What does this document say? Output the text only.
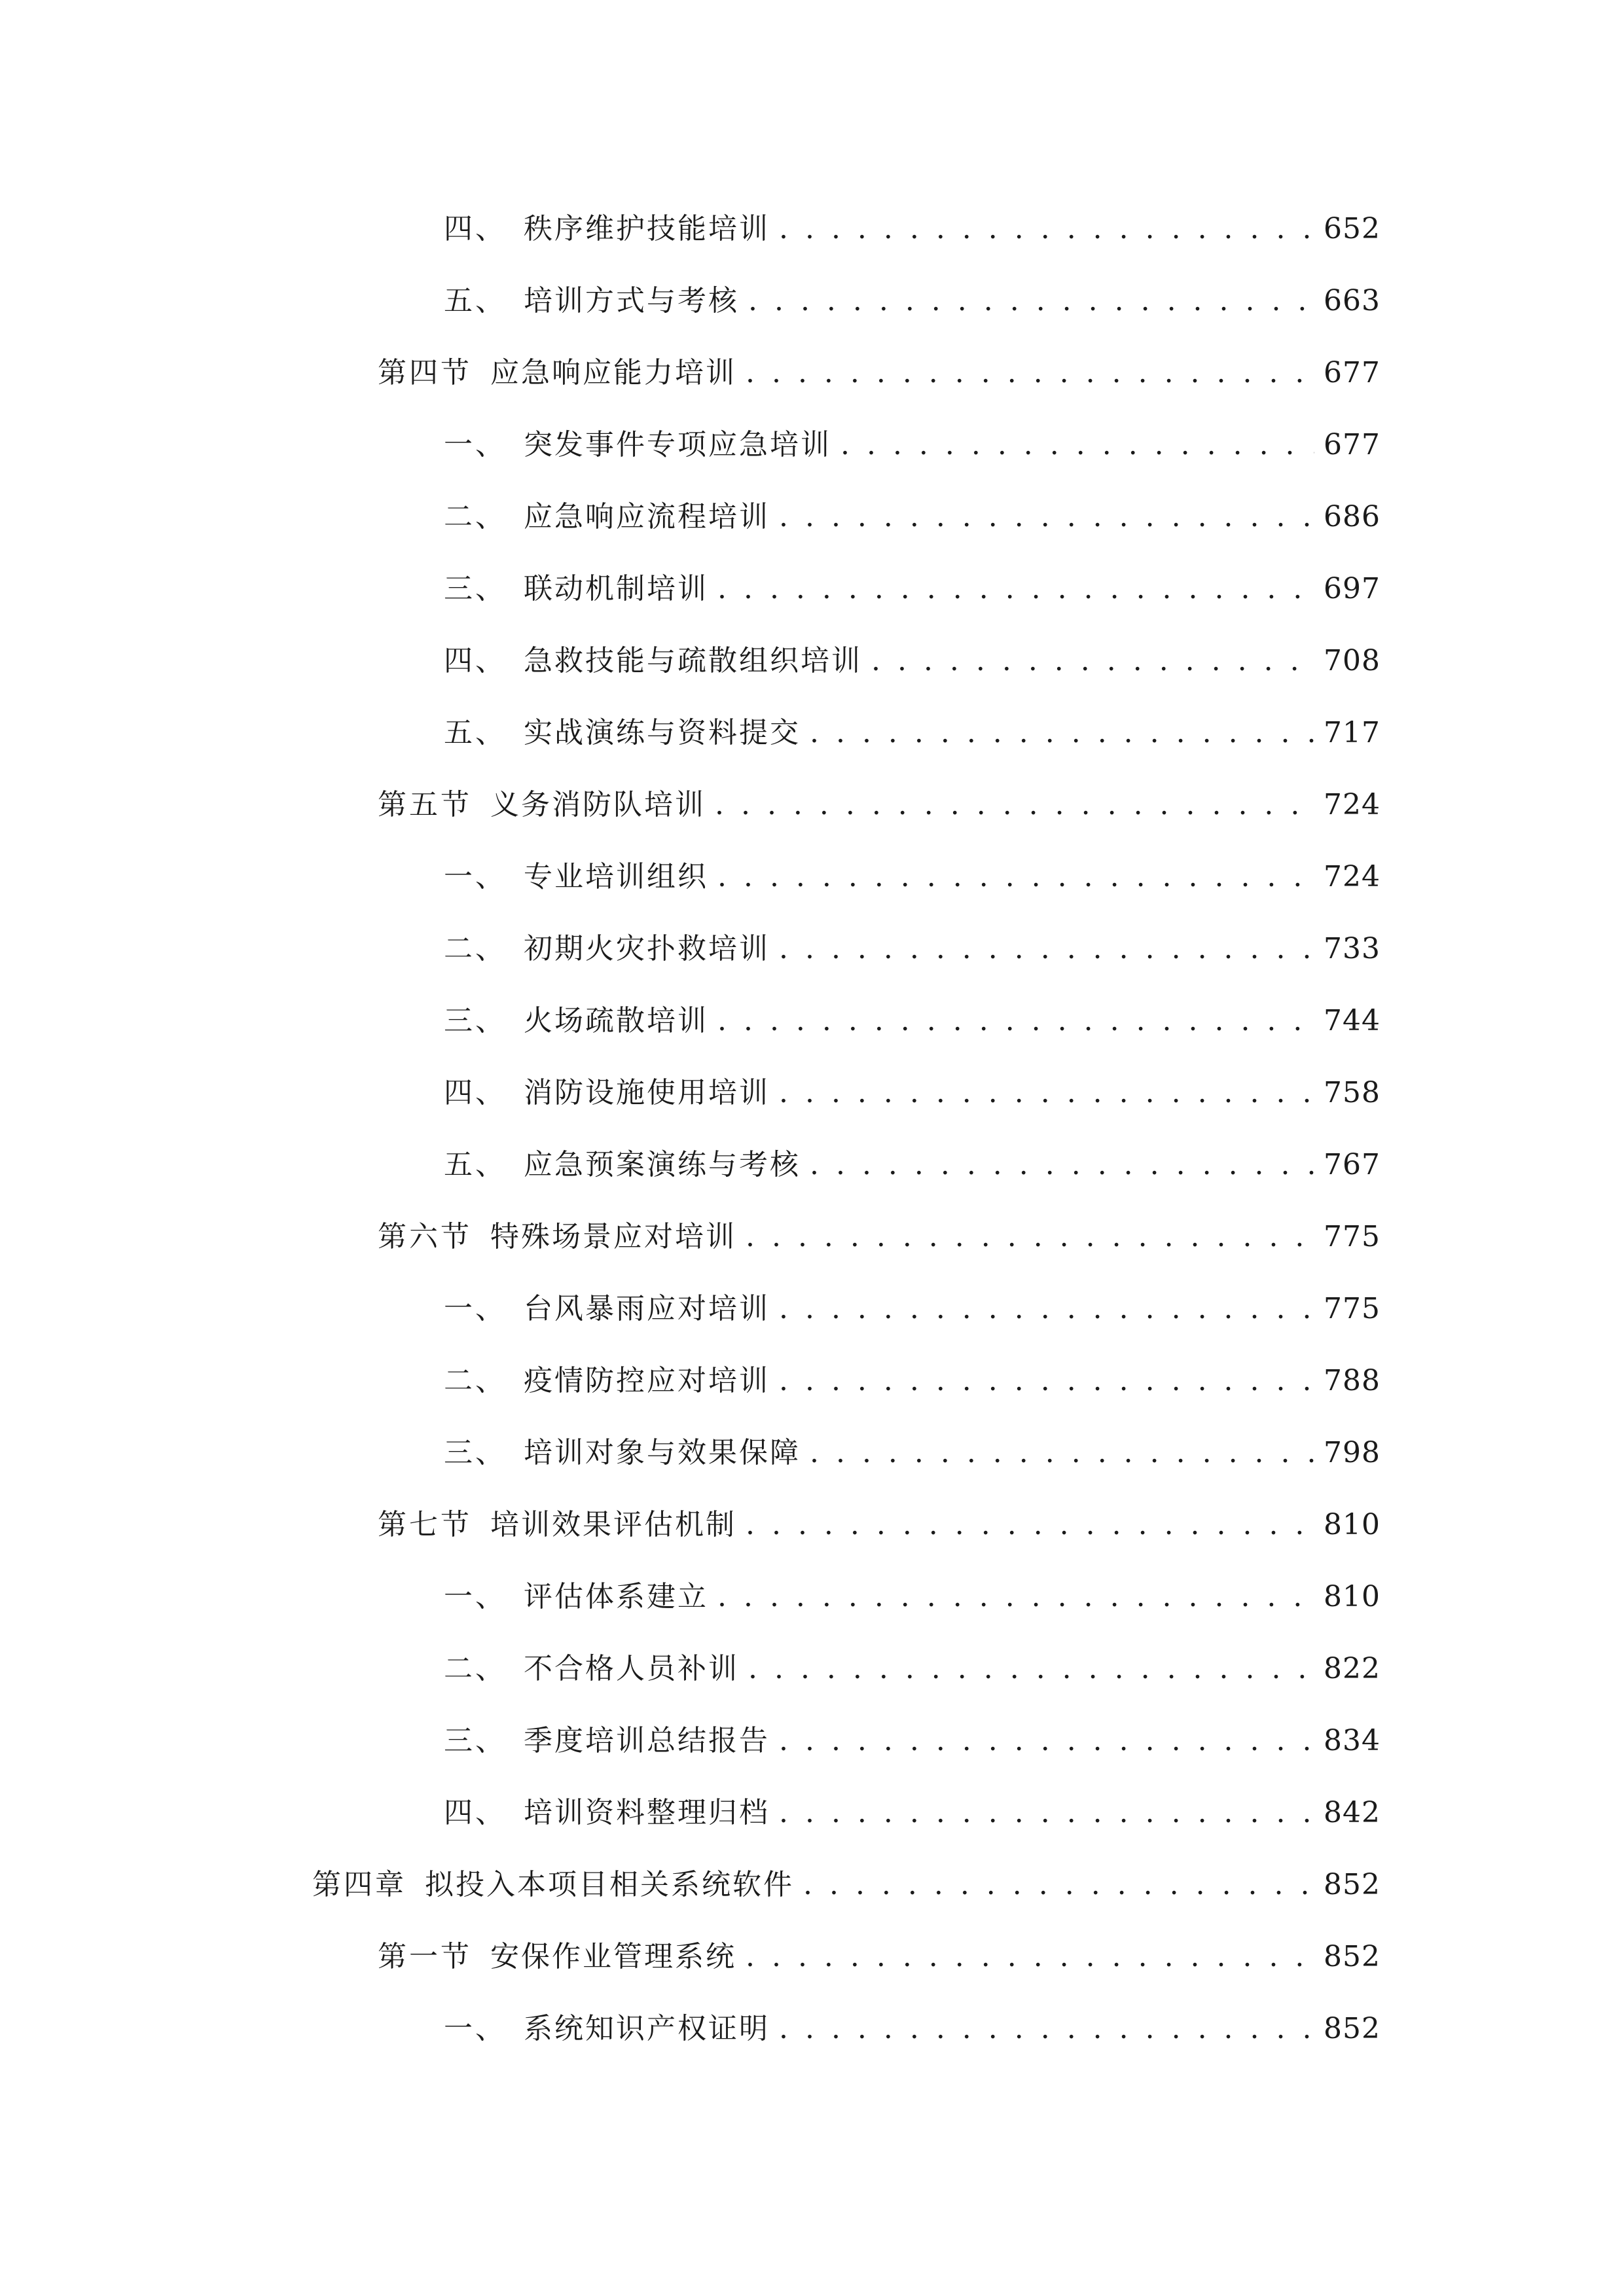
四、 秩序维护技能培训 . . .	652
五、 培训方式与考核 . . .	663
第四节 应急响应能力培训 . . .	677
一、 突发事件专项应急培训 . . .	677
二、 应急响应流程培训 . . .	686
三、 联动机制培训 . . .	697
四、 急救技能与疏散组织培训 . . .	708
五、 实战演练与资料提交 . . .	717
第五节 义务消防队培训 . . .	724
一、 专业培训组织 . . .	724
二、 初期火灾扑救培训 . . .	733
三、 火场疏散培训 . . .	744
四、 消防设施使用培训 . . .	758
五、 应急预案演练与考核 . . .	767
第六节 特殊场景应对培训 . . .	775
一、 台风暴雨应对培训 . . .	775
二、 疫情防控应对培训 . . .	788
三、 培训对象与效果保障 . . .	798
第七节 培训效果评估机制 . . .	810
一、 评估体系建立 . . .	810
二、 不合格人员补训 . . .	822
三、 季度培训总结报告 . . .	834
四、 培训资料整理归档 . . .	842
第四章 拟投入本项目相关系统软件 . . .	852
第一节 安保作业管理系统 . . .	852
一、 系统知识产权证明 . . .	852
